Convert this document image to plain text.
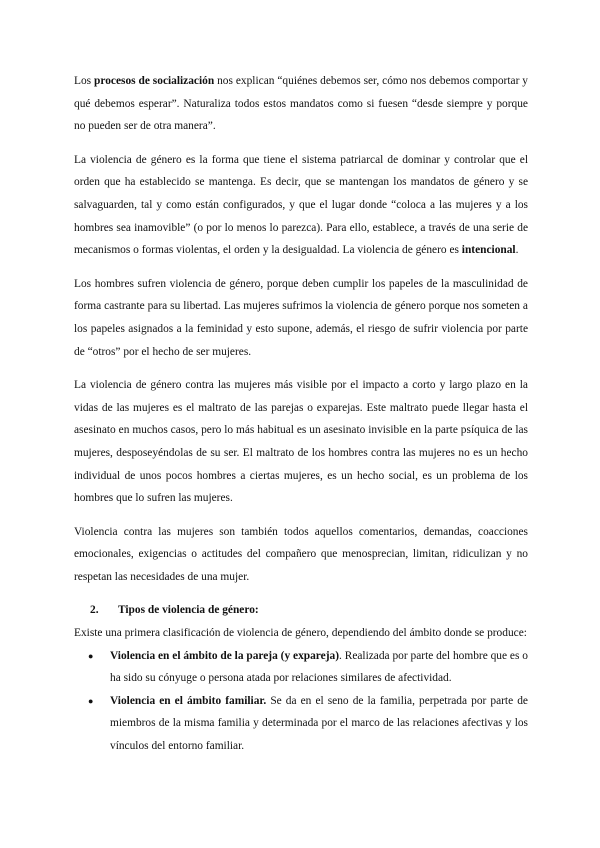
Los procesos de socialización nos explican “quiénes debemos ser, cómo nos debemos comportar y qué debemos esperar”. Naturaliza todos estos mandatos como si fuesen “desde siempre y porque no pueden ser de otra manera”.

La violencia de género es la forma que tiene el sistema patriarcal de dominar y controlar que el orden que ha establecido se mantenga. Es decir, que se mantengan los mandatos de género y se salvaguarden, tal y como están configurados, y que el lugar donde “coloca a las mujeres y a los hombres sea inamovible” (o por lo menos lo parezca). Para ello, establece, a través de una serie de mecanismos o formas violentas, el orden y la desigualdad. La violencia de género es intencional.

Los hombres sufren violencia de género, porque deben cumplir los papeles de la masculinidad de forma castrante para su libertad. Las mujeres sufrimos la violencia de género porque nos someten a los papeles asignados a la feminidad y esto supone, además, el riesgo de sufrir violencia por parte de “otros” por el hecho de ser mujeres.

La violencia de género contra las mujeres más visible por el impacto a corto y largo plazo en la vidas de las mujeres es el maltrato de las parejas o exparejas. Este maltrato puede llegar hasta el asesinato en muchos casos, pero lo más habitual es un asesinato invisible en la parte psíquica de las mujeres, desposeyéndolas de su ser. El maltrato de los hombres contra las mujeres no es un hecho individual de unos pocos hombres a ciertas mujeres, es un hecho social, es un problema de los hombres que lo sufren las mujeres.

Violencia contra las mujeres son también todos aquellos comentarios, demandas, coacciones emocionales, exigencias o actitudes del compañero que menosprecian, limitan, ridiculizan y no respetan las necesidades de una mujer.

2.	Tipos de violencia de género:

Existe una primera clasificación de violencia de género, dependiendo del ámbito donde se produce:

● Violencia en el ámbito de la pareja (y expareja). Realizada por parte del hombre que es o ha sido su cónyuge o persona atada por relaciones similares de afectividad.
● Violencia en el ámbito familiar. Se da en el seno de la familia, perpetrada por parte de miembros de la misma familia y determinada por el marco de las relaciones afectivas y los vínculos del entorno familiar.
